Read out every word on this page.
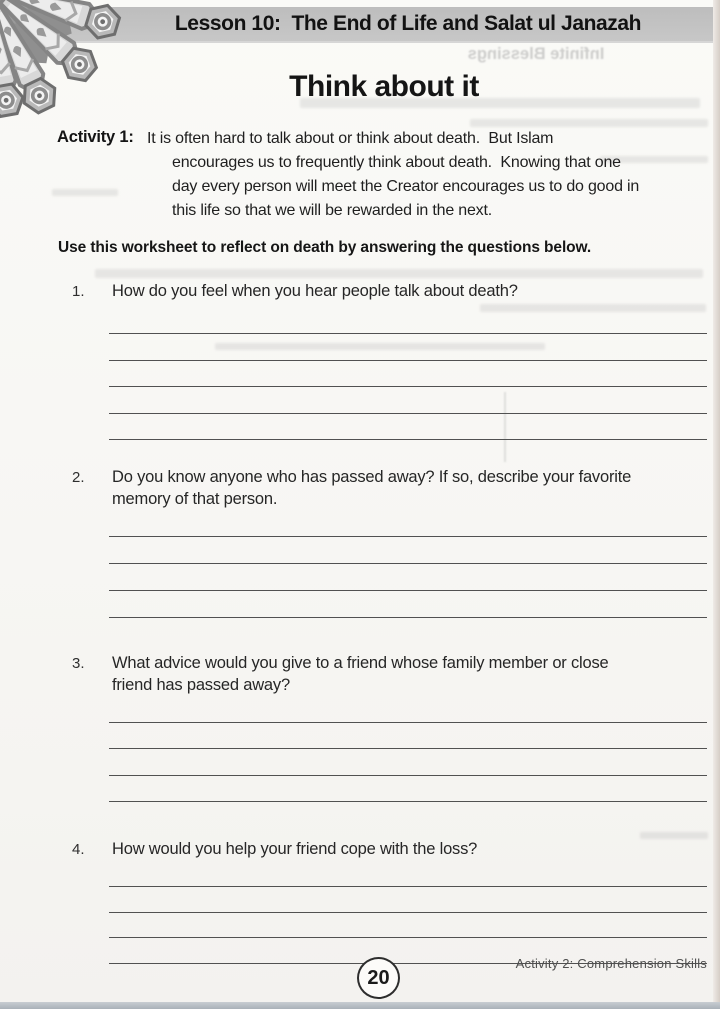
Infinite Blessings
Lesson 10:  The End of Life and Salat ul Janazah
Think about it
Activity 1: It is often hard to talk about or think about death.  But Islam
encourages us to frequently think about death.  Knowing that one
day every person will meet the Creator encourages us to do good in
this life so that we will be rewarded in the next.
Use this worksheet to reflect on death by answering the questions below.
1.	How do you feel when you hear people talk about death?
2.	Do you know anyone who has passed away? If so, describe your favorite
memory of that person.
3.	What advice would you give to a friend whose family member or close
friend has passed away?
4.	How would you help your friend cope with the loss?
20
Activity 2: Comprehension Skills
